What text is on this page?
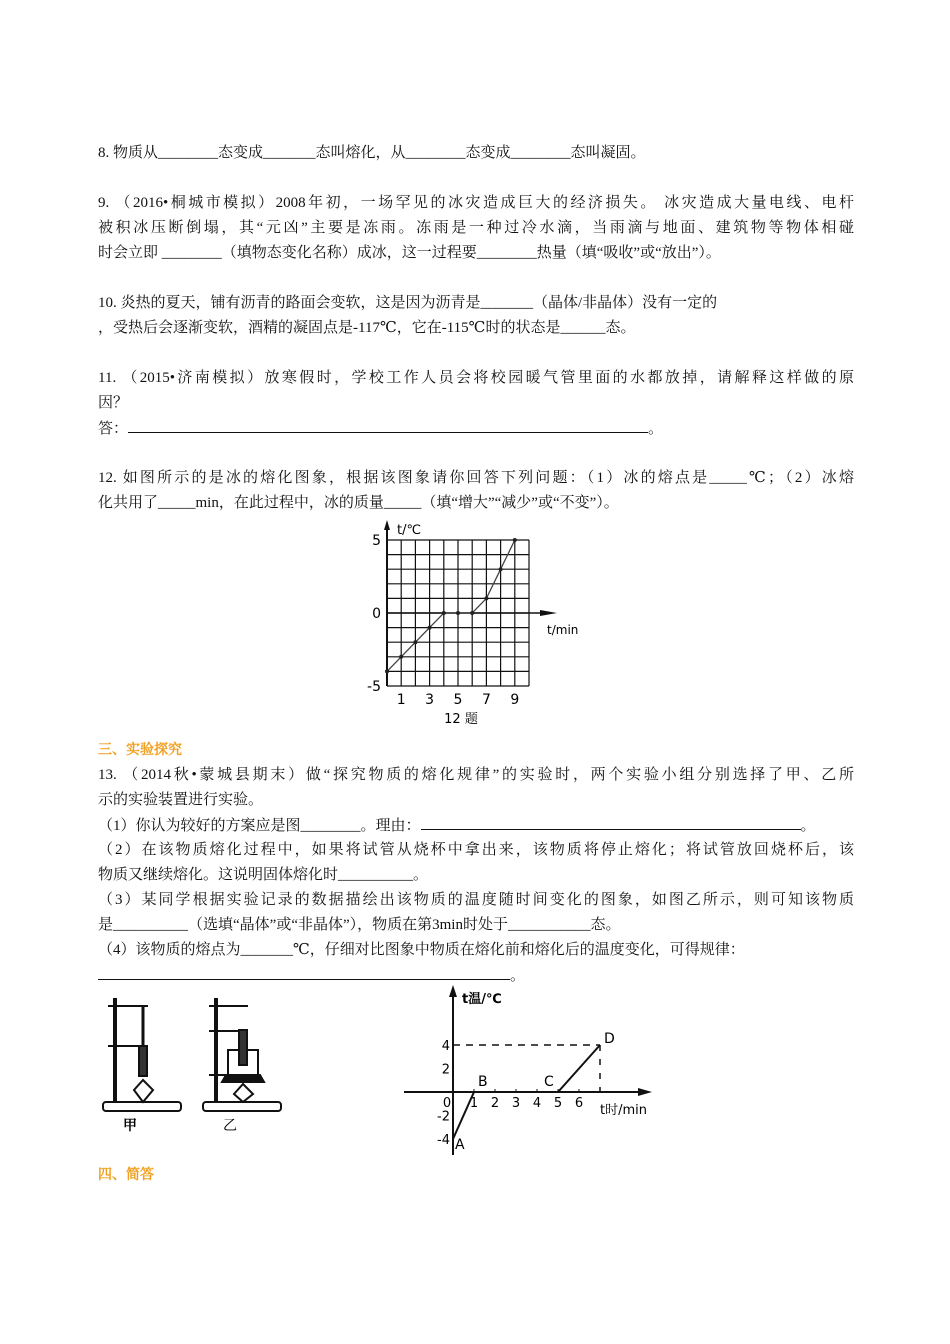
8. 物质从________态变成_______态叫熔化，从________态变成________态叫凝固。
9. （2016•桐城市模拟）2008年初，一场罕见的冰灾造成巨大的经济损失。 冰灾造成大量电线、电杆
被积冰压断倒塌，其“元凶”主要是冻雨。冻雨是一种过冷水滴，当雨滴与地面、建筑物等物体相碰
时会立即 ________（填物态变化名称）成冰，这一过程要________热量（填“吸收”或“放出”）。
10. 炎热的夏天，铺有沥青的路面会变软，这是因为沥青是_______（晶体/非晶体）没有一定的
，受热后会逐渐变软，酒精的凝固点是-117℃，它在-115℃时的状态是______态。
11. （2015•济南模拟）放寒假时，学校工作人员会将校园暖气管里面的水都放掉，请解释这样做的原
因？
答：	。
12. 如图所示的是冰的熔化图象，根据该图象请你回答下列问题：（1）冰的熔点是_____℃；（2）冰熔
化共用了_____min，在此过程中，冰的质量_____（填“增大”“减少”或“不变”）。
t/℃
t/min
5
0
-5
1 3 5 7 9
12 题
三、实验探究
13. （2014秋•蒙城县期末）做“探究物质的熔化规律”的实验时，两个实验小组分别选择了甲、乙所
示的实验装置进行实验。
（1）你认为较好的方案应是图________。理由：	。
（2）在该物质熔化过程中，如果将试管从烧杯中拿出来，该物质将停止熔化；将试管放回烧杯后，该
物质又继续熔化。这说明固体熔化时__________。
（3）某同学根据实验记录的数据描绘出该物质的温度随时间变化的图象，如图乙所示，则可知该物质
是__________（选填“晶体”或“非晶体”），物质在第3min时处于___________态。
（4）该物质的熔点为_______℃，仔细对比图象中物质在熔化前和熔化后的温度变化，可得规律：
。
甲	乙
0 1 2 3 4 5 6
4
2
-2
-4 A
B	C
D
t温/℃
t时/min
四、简答
